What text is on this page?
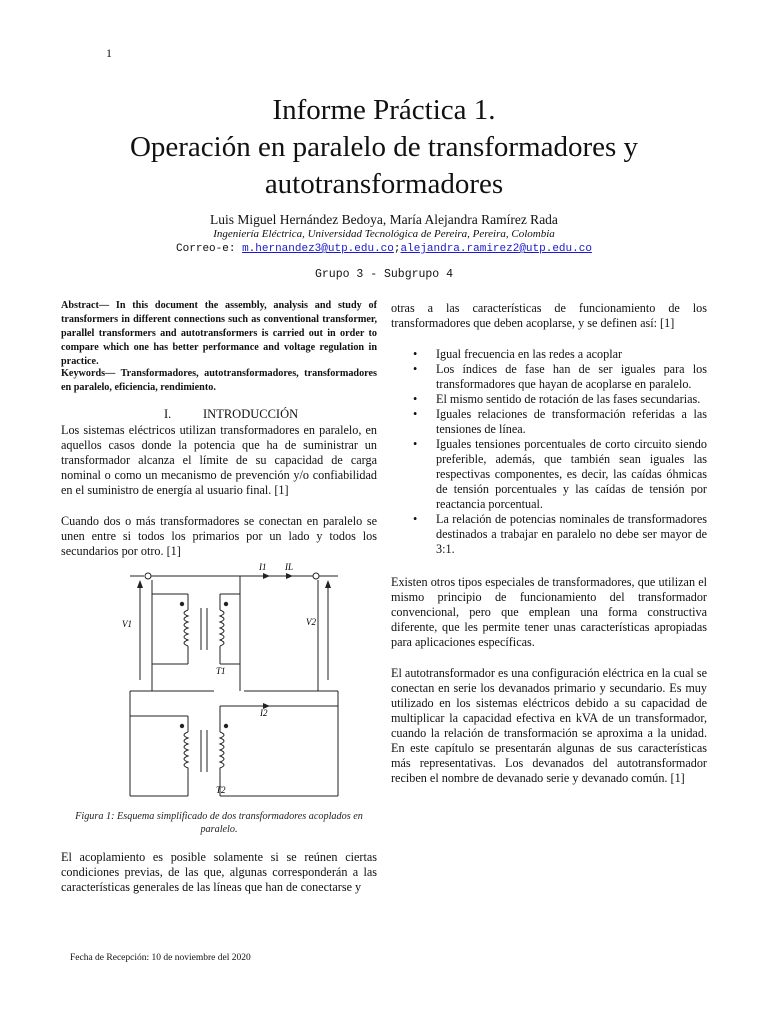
1
Informe Práctica 1.
Operación en paralelo de transformadores y
autotransformadores
Luis Miguel Hernández Bedoya, María Alejandra Ramírez Rada
Ingeniería Eléctrica, Universidad Tecnológica de Pereira, Pereira, Colombia
Correo-e: m.hernandez3@utp.edu.co;alejandra.ramirez2@utp.edu.co
Grupo 3 - Subgrupo 4
Abstract— In this document the assembly, analysis and study of transformers in different connections such as conventional transformer, parallel transformers and autotransformers is carried out in order to compare which one has better performance and voltage regulation in practice.
Keywords— Transformadores, autotransformadores, transformadores en paralelo, eficiencia, rendimiento.
I.	INTRODUCCIÓN

Los sistemas eléctricos utilizan transformadores en paralelo, en aquellos casos donde la potencia que ha de suministrar un transformador alcanza el límite de su capacidad de carga nominal o como un mecanismo de prevención y/o confiabilidad en el suministro de energía al usuario final. [1]

Cuando dos o más transformadores se conectan en paralelo se unen entre si todos los primarios por un lado y todos los secundarios por otro. [1]

V1	V2
I1 IL
I2
T1
T2
Figura 1: Esquema simplificado de dos transformadores acoplados en paralelo.

El acoplamiento es posible solamente si se reúnen ciertas condiciones previas, de las que, algunas corresponderán a las características generales de las líneas que han de conectarse y

otras a las características de funcionamiento de los transformadores que deben acoplarse, y se definen así: [1]

• Igual frecuencia en las redes a acoplar
• Los índices de fase han de ser iguales para los transformadores que hayan de acoplarse en paralelo.
• El mismo sentido de rotación de las fases secundarias.
• Iguales relaciones de transformación referidas a las tensiones de línea.
• Iguales tensiones porcentuales de corto circuito siendo preferible, además, que también sean iguales las respectivas componentes, es decir, las caídas óhmicas de tensión porcentuales y las caídas de tensión por reactancia porcentual.
• La relación de potencias nominales de transformadores destinados a trabajar en paralelo no debe ser mayor de 3:1.

Existen otros tipos especiales de transformadores, que utilizan el mismo principio de funcionamiento del transformador convencional, pero que emplean una forma constructiva diferente, que les permite tener unas características apropiadas para aplicaciones específicas.

El autotransformador es una configuración eléctrica en la cual se conectan en serie los devanados primario y secundario. Es muy utilizado en los sistemas eléctricos debido a su capacidad de multiplicar la capacidad efectiva en kVA de un transformador, cuando la relación de transformación se aproxima a la unidad. En este capítulo se presentarán algunas de sus características más representativas. Los devanados del autotransformador reciben el nombre de devanado serie y devanado común. [1]

Fecha de Recepción: 10 de noviembre del 2020
